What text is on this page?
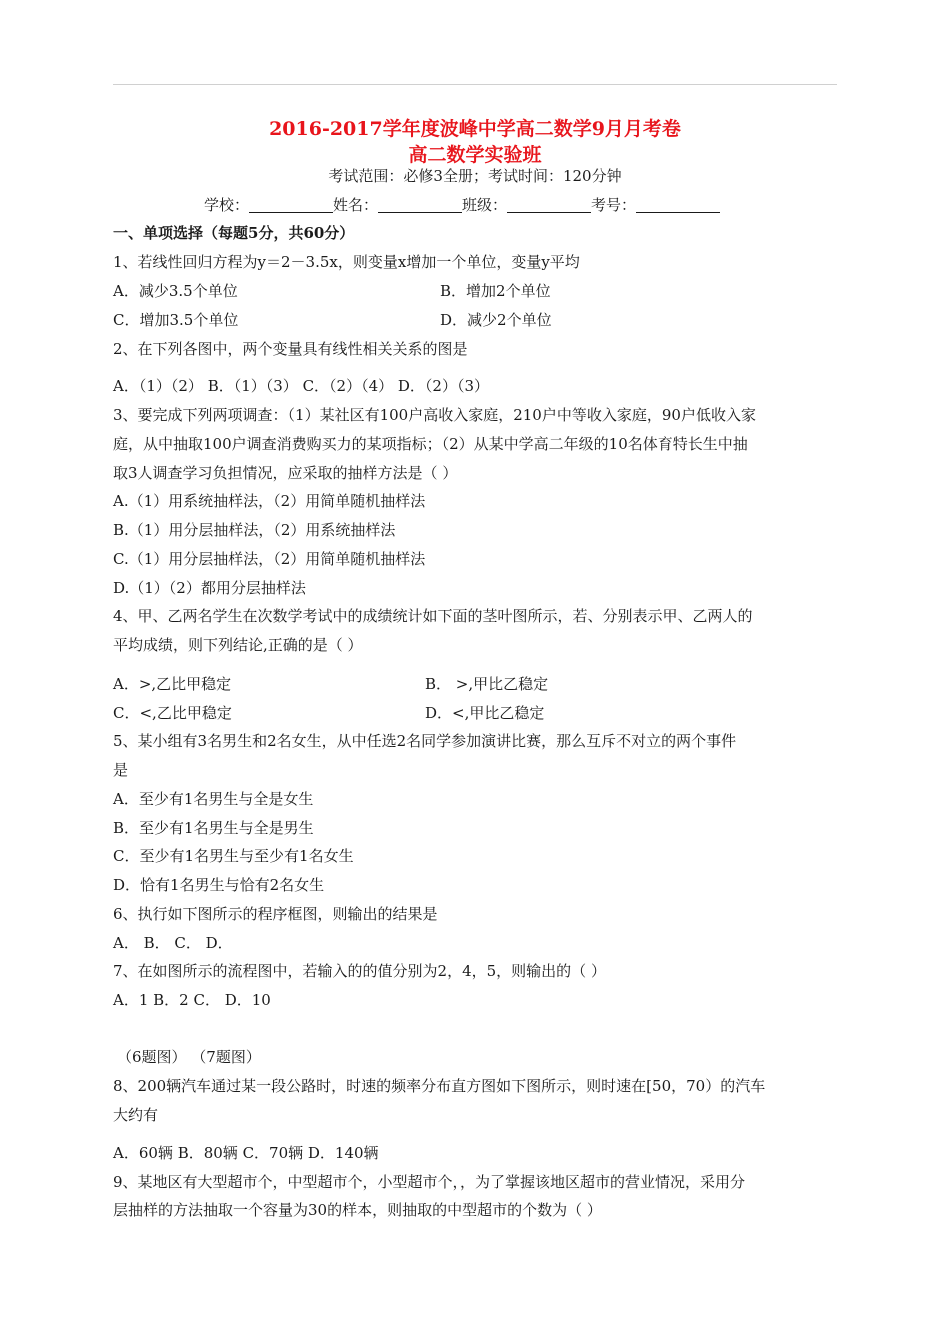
2016-2017学年度波峰中学高二数学9月月考卷
高二数学实验班
考试范围：必修3全册；考试时间：120分钟
学校：	姓名：	班级：	考号：
一、单项选择（每题5分，共60分）
1、若线性回归方程为y＝2－3.5x，则变量x增加一个单位，变量y平均
A．减少3.5个单位	B．增加2个单位
C．增加3.5个单位	D．减少2个单位
2、在下列各图中，两个变量具有线性相关关系的图是
A．（1）（2） B．（1）（3） C．（2）（4） D．（2）（3）
3、要完成下列两项调查：（1）某社区有100户高收入家庭，210户中等收入家庭，90户低收入家
庭，从中抽取100户调查消费购买力的某项指标；（2）从某中学高二年级的10名体育特长生中抽
取3人调查学习负担情况，应采取的抽样方法是（ ）
A.（1）用系统抽样法，（2）用简单随机抽样法
B.（1）用分层抽样法，（2）用系统抽样法
C.（1）用分层抽样法，（2）用简单随机抽样法
D.（1）（2）都用分层抽样法
4、甲、乙两名学生在次数学考试中的成绩统计如下面的茎叶图所示，若、分别表示甲、乙两人的
平均成绩，则下列结论,正确的是（ ）
A．>,乙比甲稳定	B． >,甲比乙稳定
C．<,乙比甲稳定	D．<,甲比乙稳定
5、某小组有3名男生和2名女生，从中任选2名同学参加演讲比赛，那么互斥不对立的两个事件
是
A．至少有1名男生与全是女生
B．至少有1名男生与全是男生
C．至少有1名男生与至少有1名女生
D．恰有1名男生与恰有2名女生
6、执行如下图所示的程序框图，则输出的结果是
A． B． C． D．
7、在如图所示的流程图中，若输入的的值分别为2，4，5，则输出的（ ）
A．1 B．2 C． D．10
（6题图） （7题图）
8、200辆汽车通过某一段公路时，时速的频率分布直方图如下图所示，则时速在[50，70）的汽车
大约有
A．60辆 B．80辆 C．70辆 D．140辆
9、某地区有大型超市个，中型超市个，小型超市个，，为了掌握该地区超市的营业情况，采用分
层抽样的方法抽取一个容量为30的样本，则抽取的中型超市的个数为（ ）
